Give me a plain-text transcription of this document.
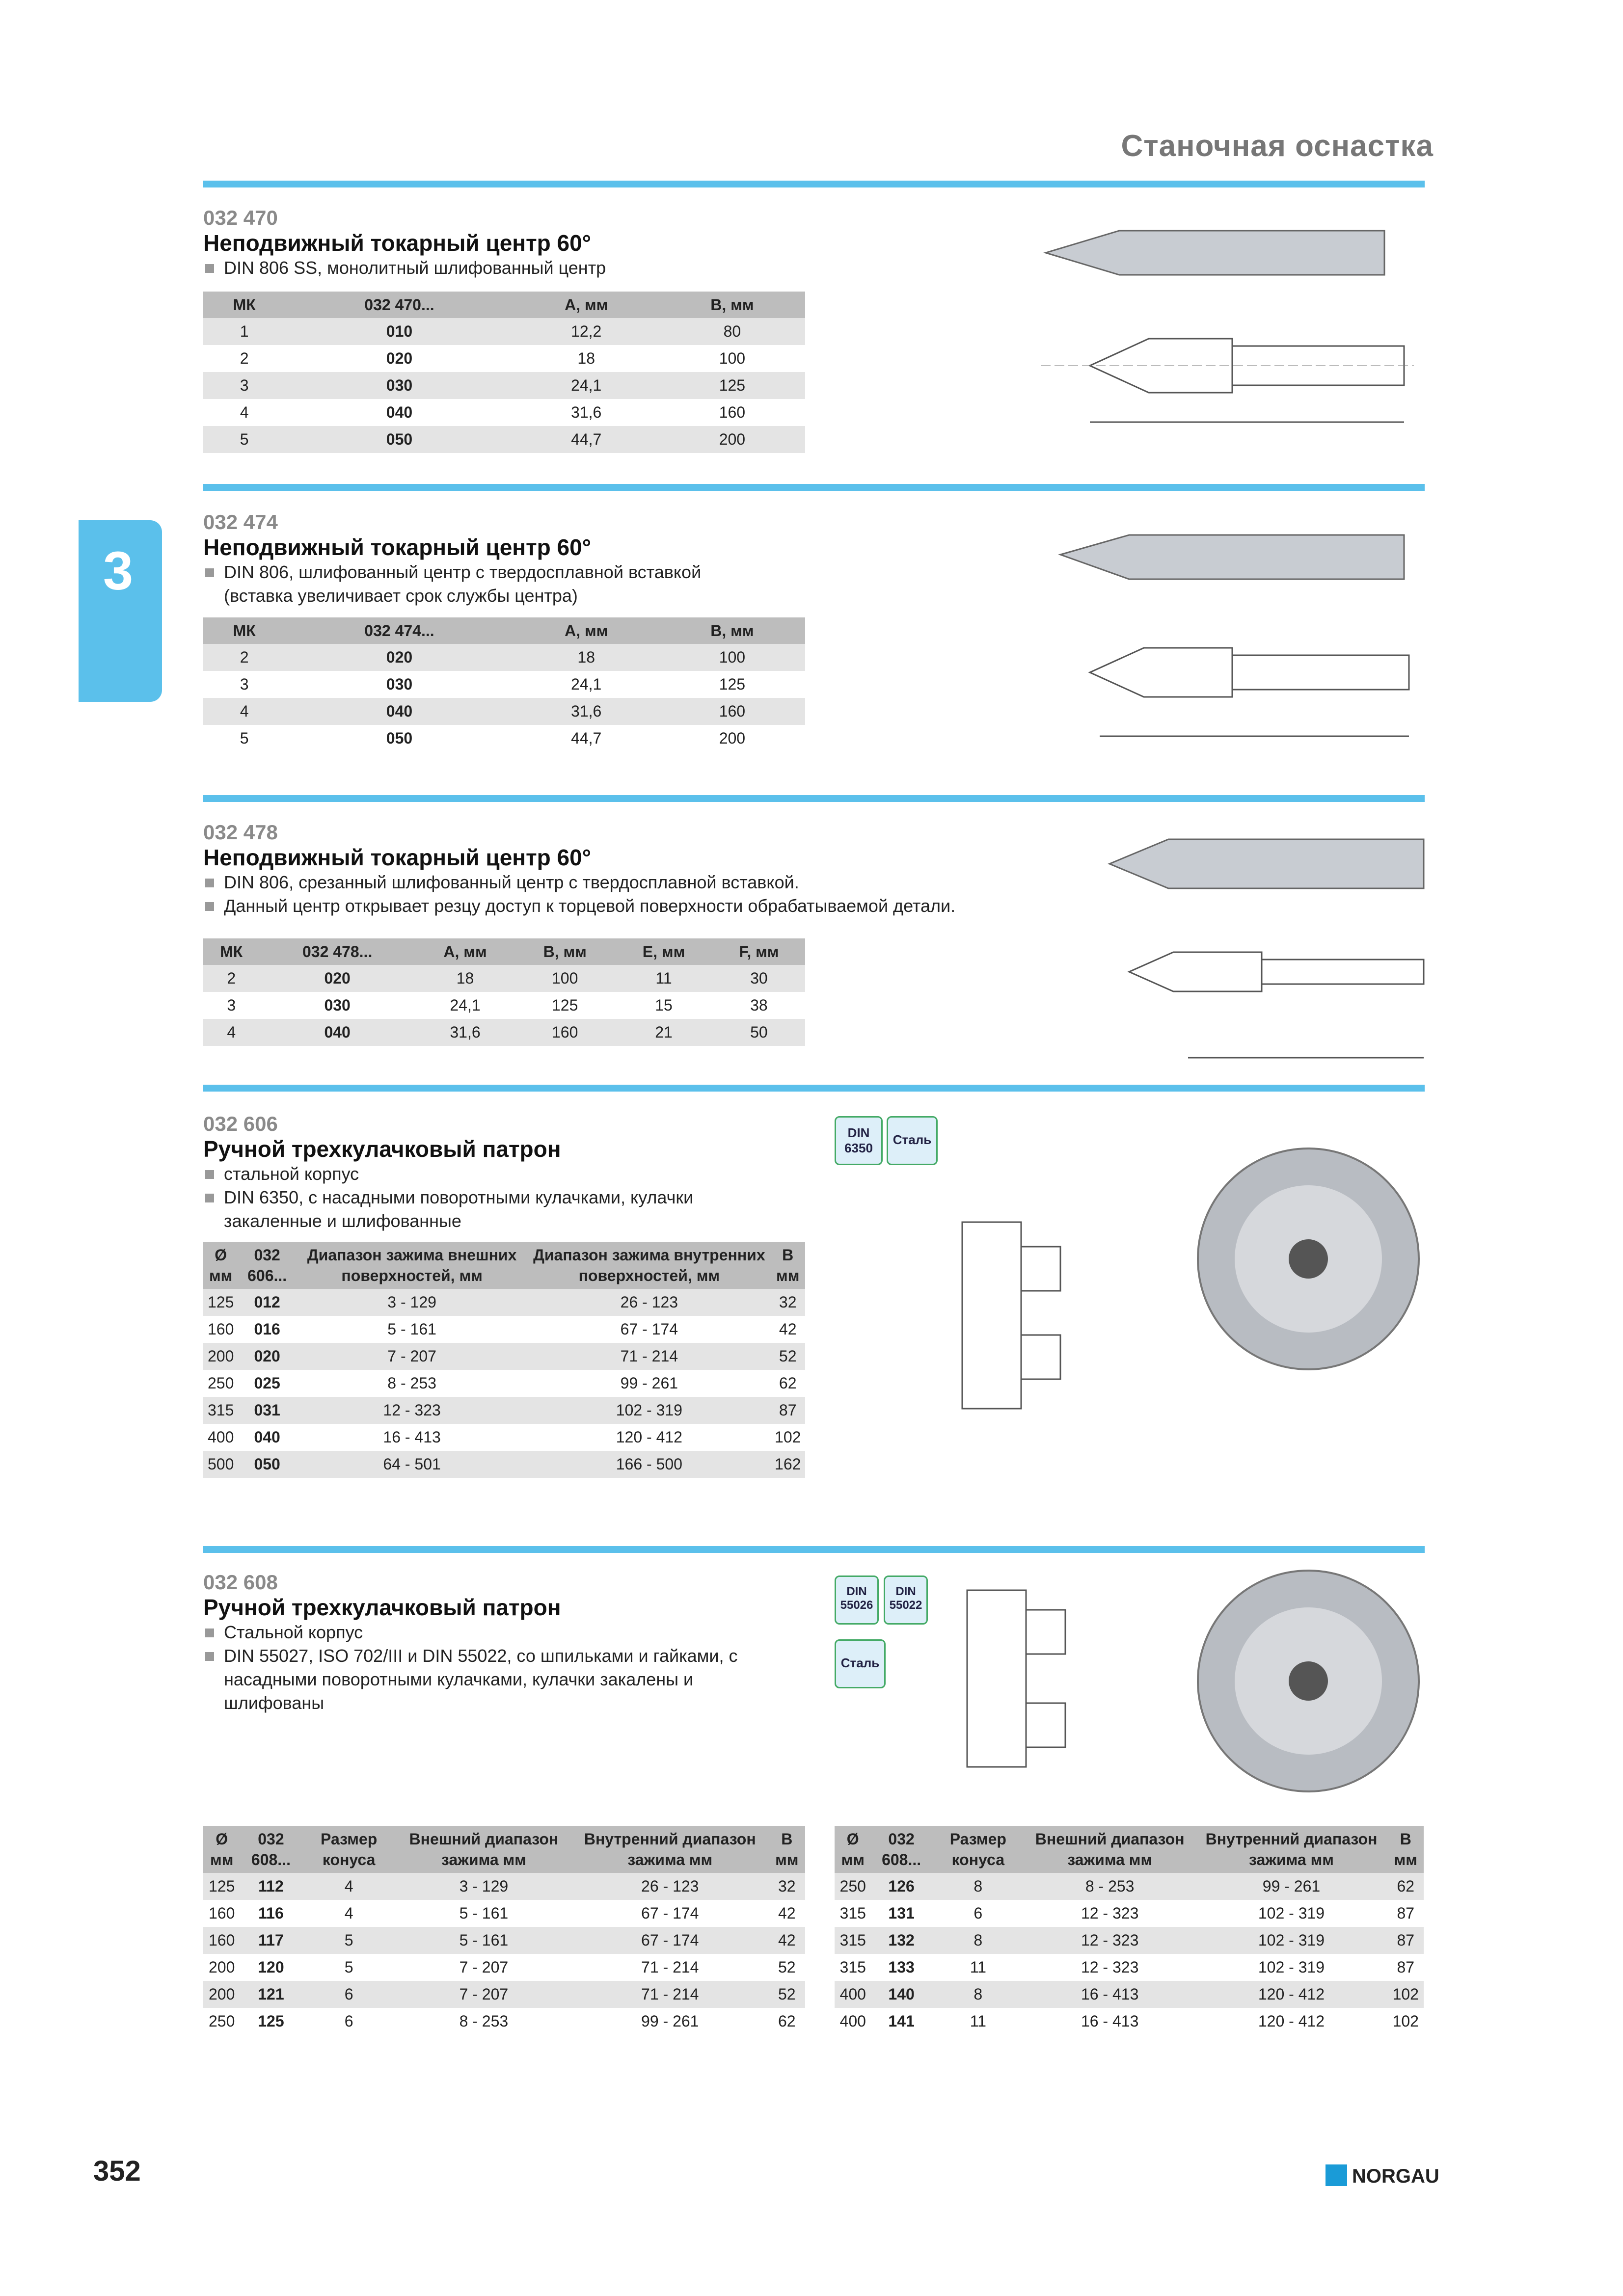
Станочная оснастка
3
032 470
Неподвижный токарный центр 60°
DIN 806 SS, монолитный шлифованный центр
МК	032 470...	А, мм	В, мм
1	010	12,2	80
2	020	18	100
3	030	24,1	125
4	040	31,6	160
5	050	44,7	200
032 474
Неподвижный токарный центр 60°
DIN 806, шлифованный центр с твердосплавной вставкой (вставка увеличивает срок службы центра)
МК	032 474...	А, мм	В, мм
2	020	18	100
3	030	24,1	125
4	040	31,6	160
5	050	44,7	200
032 478
Неподвижный токарный центр 60°
DIN 806, срезанный шлифованный центр с твердосплавной вставкой.
Данный центр открывает резцу доступ к торцевой поверхности обрабатываемой детали.
МК	032 478...	А, мм	В, мм	Е, мм	F, мм
2	020	18	100	11	30
3	030	24,1	125	15	38
4	040	31,6	160	21	50
032 606
Ручной трехкулачковый патрон
стальной корпус
DIN 6350, с насадными поворотными кулачками, кулачки закаленные и шлифованные
Ø мм	032 606...	Диапазон зажима внешних поверхностей, мм	Диапазон зажима внутренних поверхностей, мм	В мм
125	012	3 - 129	26 - 123	32
160	016	5 - 161	67 - 174	42
200	020	7 - 207	71 - 214	52
250	025	8 - 253	99 - 261	62
315	031	12 - 323	102 - 319	87
400	040	16 - 413	120 - 412	102
500	050	64 - 501	166 - 500	162
DIN 6350
Сталь
032 608
Ручной трехкулачковый патрон
Стальной корпус
DIN 55027, ISO 702/III и DIN 55022, со шпильками и гайками, с насадными поворотными кулачками, кулачки закалены и шлифованы
DIN 55026
DIN 55022
Сталь
Ø мм	032 608...	Размер конуса	Внешний диапазон зажима мм	Внутренний диапазон зажима мм	В мм
125	112	4	3 - 129	26 - 123	32
160	116	4	5 - 161	67 - 174	42
160	117	5	5 - 161	67 - 174	42
200	120	5	7 - 207	71 - 214	52
200	121	6	7 - 207	71 - 214	52
250	125	6	8 - 253	99 - 261	62
Ø мм	032 608...	Размер конуса	Внешний диапазон зажима мм	Внутренний диапазон зажима мм	В мм
250	126	8	8 - 253	99 - 261	62
315	131	6	12 - 323	102 - 319	87
315	132	8	12 - 323	102 - 319	87
315	133	11	12 - 323	102 - 319	87
400	140	8	16 - 413	120 - 412	102
400	141	11	16 - 413	120 - 412	102
352	NORGAU
